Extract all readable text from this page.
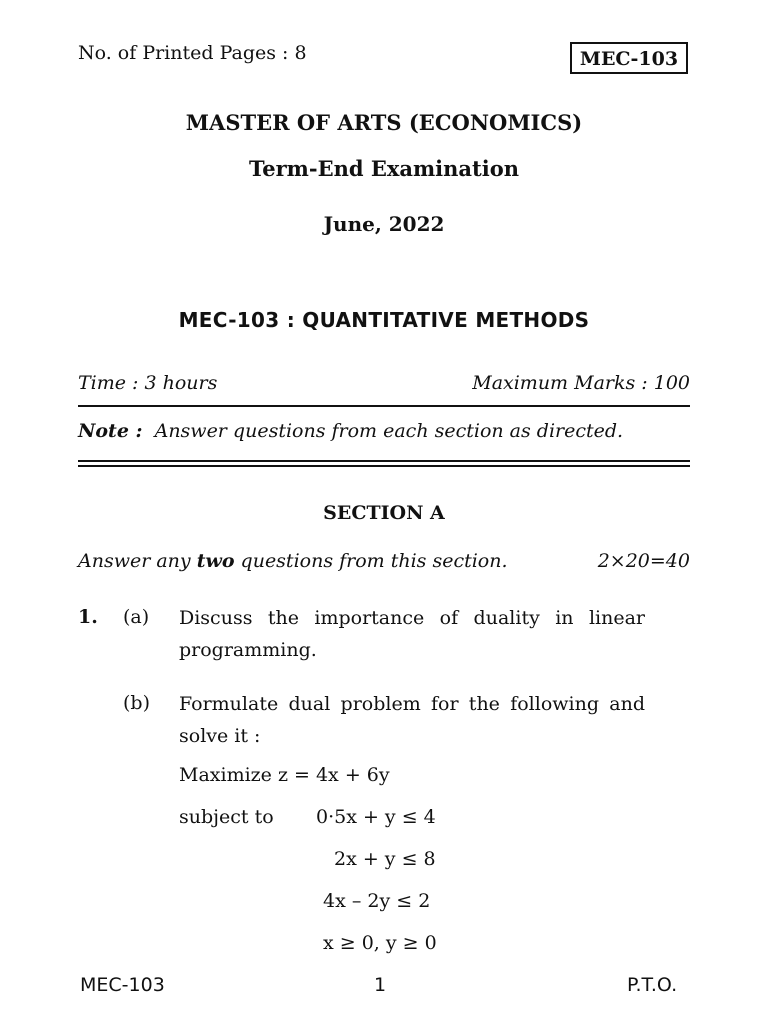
No. of Printed Pages : 8	MEC-103
MASTER OF ARTS (ECONOMICS)
Term-End Examination
June, 2022
MEC-103 : QUANTITATIVE METHODS
Time : 3 hours	Maximum Marks : 100
Note : Answer questions from each section as directed.
SECTION A
Answer any two questions from this section.	2×20=40
1. (a) Discuss the importance of duality in linear programming.
(b) Formulate dual problem for the following and solve it :
Maximize z = 4x + 6y
subject to 0·5x + y ≤ 4
2x + y ≤ 8
4x – 2y ≤ 2
x ≥ 0, y ≥ 0
MEC-103	1	P.T.O.
